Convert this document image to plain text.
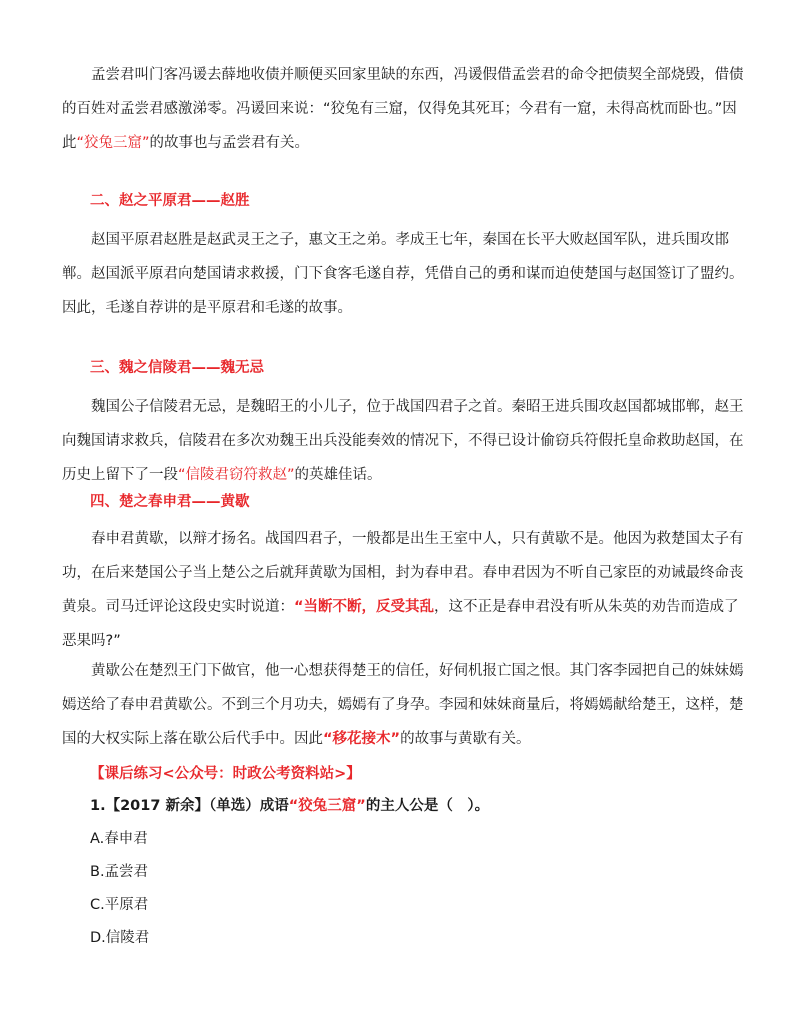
孟尝君叫门客冯谖去薛地收债并顺便买回家里缺的东西，冯谖假借孟尝君的命令把债契全部烧毁，借债的百姓对孟尝君感激涕零。冯谖回来说：“狡兔有三窟，仅得免其死耳；今君有一窟，未得高枕而卧也。”因此“狡兔三窟”的故事也与孟尝君有关。

二、赵之平原君——赵胜

赵国平原君赵胜是赵武灵王之子，惠文王之弟。孝成王七年，秦国在长平大败赵国军队，进兵围攻邯郸。赵国派平原君向楚国请求救援，门下食客毛遂自荐，凭借自己的勇和谋而迫使楚国与赵国签订了盟约。因此，毛遂自荐讲的是平原君和毛遂的故事。

三、魏之信陵君——魏无忌

魏国公子信陵君无忌，是魏昭王的小儿子，位于战国四君子之首。秦昭王进兵围攻赵国都城邯郸，赵王向魏国请求救兵，信陵君在多次劝魏王出兵没能奏效的情况下，不得已设计偷窃兵符假托皇命救助赵国，在历史上留下了一段“信陵君窃符救赵”的英雄佳话。

四、楚之春申君——黄歇

春申君黄歇，以辩才扬名。战国四君子，一般都是出生王室中人，只有黄歇不是。他因为救楚国太子有功，在后来楚国公子当上楚公之后就拜黄歇为国相，封为春申君。春申君因为不听自己家臣的劝诫最终命丧黄泉。司马迁评论这段史实时说道：“当断不断，反受其乱，这不正是春申君没有听从朱英的劝告而造成了恶果吗?”

黄歇公在楚烈王门下做官，他一心想获得楚王的信任，好伺机报亡国之恨。其门客李园把自己的妹妹嫣嫣送给了春申君黄歇公。不到三个月功夫，嫣嫣有了身孕。李园和妹妹商量后，将嫣嫣献给楚王，这样，楚国的大权实际上落在歇公后代手中。因此“移花接木”的故事与黄歇有关。

【课后练习<公众号：时政公考资料站>】

1.【2017 新余】（单选）成语“狡兔三窟”的主人公是（　）。

A.春申君

B.孟尝君

C.平原君

D.信陵君
